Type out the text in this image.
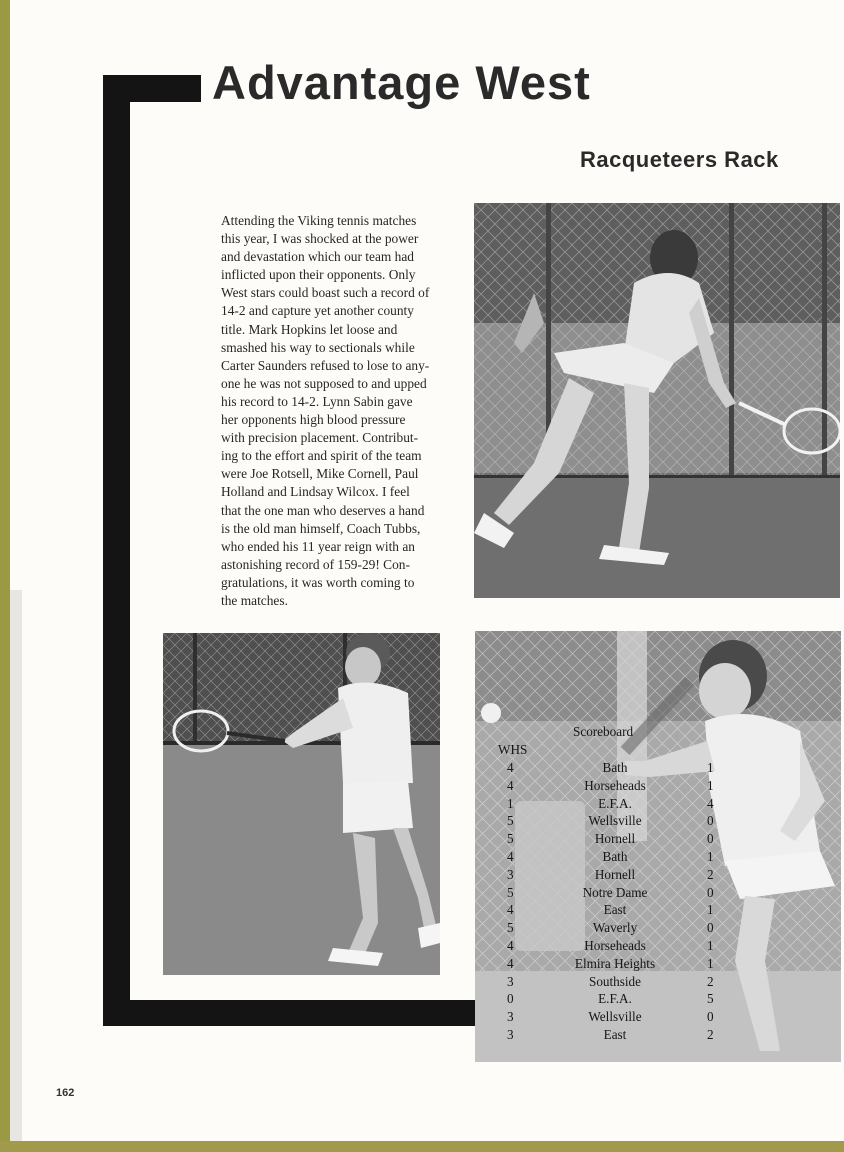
Advantage West
Racqueteers Rack
Attending the Viking tennis matches
this year, I was shocked at the power
and devastation which our team had
inflicted upon their opponents. Only
West stars could boast such a record of
14-2 and capture yet another county
title. Mark Hopkins let loose and
smashed his way to sectionals while
Carter Saunders refused to lose to any-
one he was not supposed to and upped
his record to 14-2. Lynn Sabin gave
her opponents high blood pressure
with precision placement. Contribut-
ing to the effort and spirit of the team
were Joe Rotsell, Mike Cornell, Paul
Holland and Lindsay Wilcox. I feel
that the one man who deserves a hand
is the old man himself, Coach Tubbs,
who ended his 11 year reign with an
astonishing record of 159-29! Con-
gratulations, it was worth coming to
the matches.
Scoreboard
WHS
4	Bath	1
4	Horseheads	1
1	E.F.A.	4
5	Wellsville	0
5	Hornell	0
4	Bath	1
3	Hornell	2
5	Notre Dame	0
4	East	1
5	Waverly	0
4	Horseheads	1
4	Elmira Heights	1
3	Southside	2
0	E.F.A.	5
3	Wellsville	0
3	East	2
162
